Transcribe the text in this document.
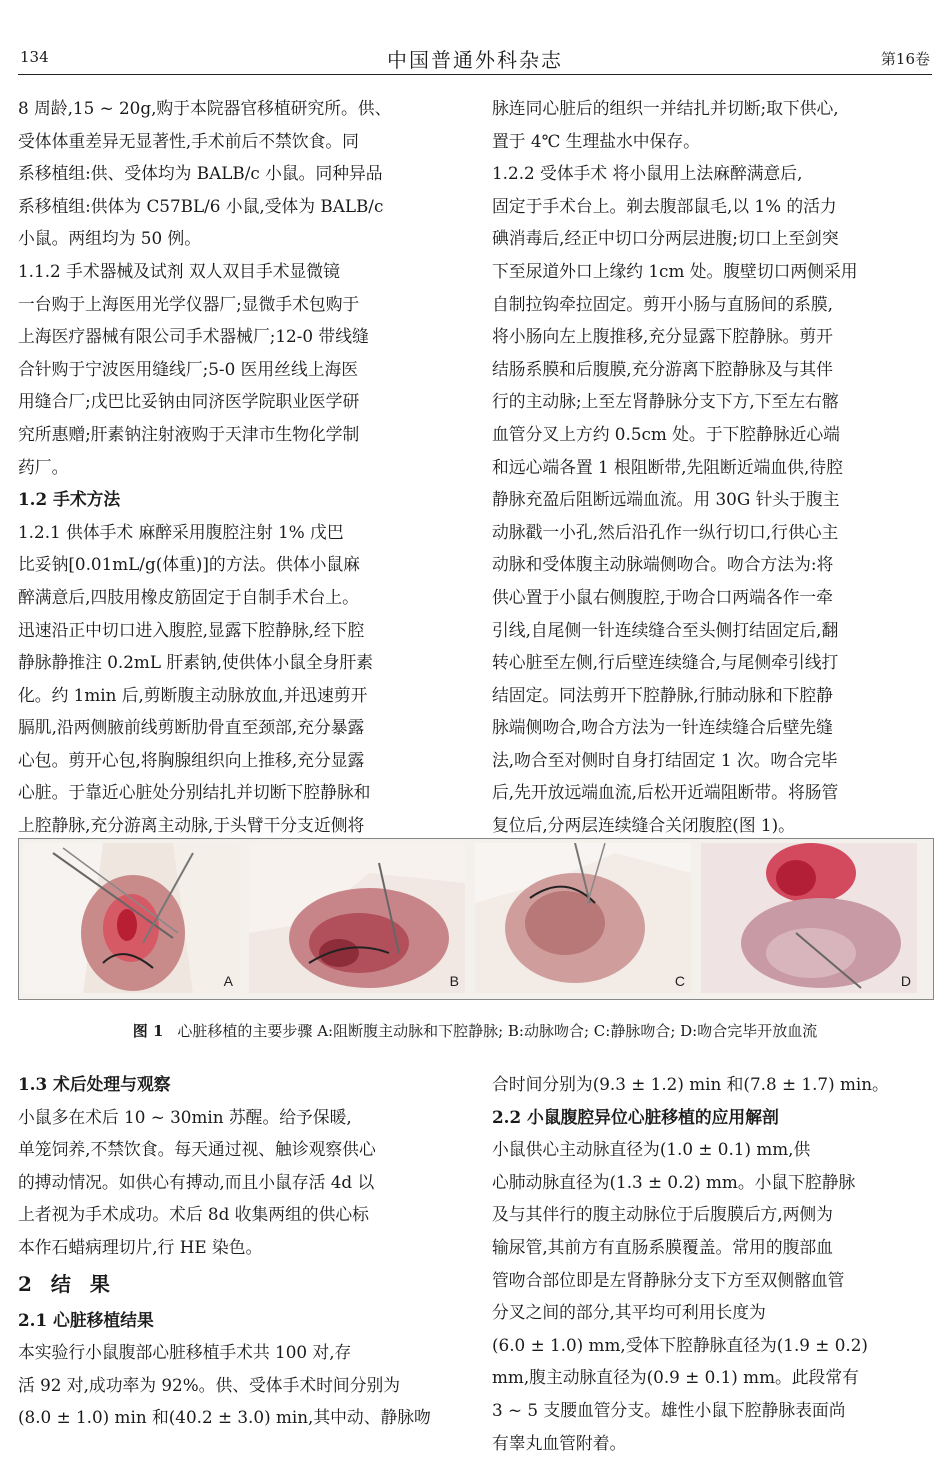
134	中国普通外科杂志	第16卷

8 周龄,15 ~ 20g,购于本院器官移植研究所。供、

受体体重差异无显著性,手术前后不禁饮食。同

系移植组:供、受体均为 BALB/c 小鼠。同种异品

系移植组:供体为 C57BL/6 小鼠,受体为 BALB/c

小鼠。两组均为 50 例。

1.1.2 手术器械及试剂 双人双目手术显微镜

一台购于上海医用光学仪器厂;显微手术包购于

上海医疗器械有限公司手术器械厂;12-0 带线缝

合针购于宁波医用缝线厂;5-0 医用丝线上海医

用缝合厂;戊巴比妥钠由同济医学院职业医学研

究所惠赠;肝素钠注射液购于天津市生物化学制

药厂。

1.2 手术方法

1.2.1 供体手术 麻醉采用腹腔注射 1% 戊巴

比妥钠[0.01mL/g(体重)]的方法。供体小鼠麻

醉满意后,四肢用橡皮筋固定于自制手术台上。

迅速沿正中切口进入腹腔,显露下腔静脉,经下腔

静脉静推注 0.2mL 肝素钠,使供体小鼠全身肝素

化。约 1min 后,剪断腹主动脉放血,并迅速剪开

膈肌,沿两侧腋前线剪断肋骨直至颈部,充分暴露

心包。剪开心包,将胸腺组织向上推移,充分显露

心脏。于靠近心脏处分别结扎并切断下腔静脉和

上腔静脉,充分游离主动脉,于头臂干分支近侧将

脉连同心脏后的组织一并结扎并切断;取下供心,

置于 4℃ 生理盐水中保存。

1.2.2 受体手术 将小鼠用上法麻醉满意后,

固定于手术台上。剃去腹部鼠毛,以 1% 的活力

碘消毒后,经正中切口分两层进腹;切口上至剑突

下至尿道外口上缘约 1cm 处。腹壁切口两侧采用

自制拉钩牵拉固定。剪开小肠与直肠间的系膜,

将小肠向左上腹推移,充分显露下腔静脉。剪开

结肠系膜和后腹膜,充分游离下腔静脉及与其伴

行的主动脉;上至左肾静脉分支下方,下至左右髂

血管分叉上方约 0.5cm 处。于下腔静脉近心端

和远心端各置 1 根阻断带,先阻断近端血供,待腔

静脉充盈后阻断远端血流。用 30G 针头于腹主

动脉戳一小孔,然后沿孔作一纵行切口,行供心主

动脉和受体腹主动脉端侧吻合。吻合方法为:将

供心置于小鼠右侧腹腔,于吻合口两端各作一牵

引线,自尾侧一针连续缝合至头侧打结固定后,翻

转心脏至左侧,行后壁连续缝合,与尾侧牵引线打

结固定。同法剪开下腔静脉,行肺动脉和下腔静

脉端侧吻合,吻合方法为一针连续缝合后壁先缝

法,吻合至对侧时自身打结固定 1 次。吻合完毕

后,先开放远端血流,后松开近端阻断带。将肠管

复位后,分两层连续缝合关闭腹腔(图 1)。

A	B	C	D
图 1 心脏移植的主要步骤 A:阻断腹主动脉和下腔静脉; B:动脉吻合; C:静脉吻合; D:吻合完毕开放血流

1.3 术后处理与观察

小鼠多在术后 10 ~ 30min 苏醒。给予保暖,

单笼饲养,不禁饮食。每天通过视、触诊观察供心

的搏动情况。如供心有搏动,而且小鼠存活 4d 以

上者视为手术成功。术后 8d 收集两组的供心标

本作石蜡病理切片,行 HE 染色。

2 结 果

2.1 心脏移植结果

本实验行小鼠腹部心脏移植手术共 100 对,存

活 92 对,成功率为 92%。供、受体手术时间分别为

(8.0 ± 1.0) min 和(40.2 ± 3.0) min,其中动、静脉吻

合时间分别为(9.3 ± 1.2) min 和(7.8 ± 1.7) min。

2.2 小鼠腹腔异位心脏移植的应用解剖

小鼠供心主动脉直径为(1.0 ± 0.1) mm,供

心肺动脉直径为(1.3 ± 0.2) mm。小鼠下腔静脉

及与其伴行的腹主动脉位于后腹膜后方,两侧为

输尿管,其前方有直肠系膜覆盖。常用的腹部血

管吻合部位即是左肾静脉分支下方至双侧髂血管

分叉之间的部分,其平均可利用长度为

(6.0 ± 1.0) mm,受体下腔静脉直径为(1.9 ± 0.2)

mm,腹主动脉直径为(0.9 ± 0.1) mm。此段常有

3 ~ 5 支腰血管分支。雄性小鼠下腔静脉表面尚

有睾丸血管附着。
